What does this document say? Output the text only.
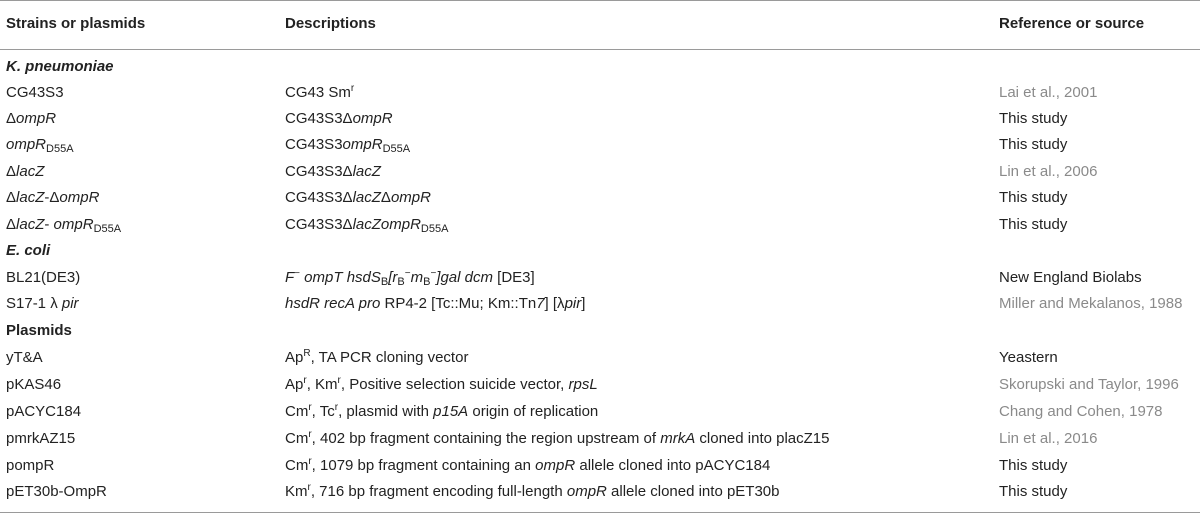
Strains or plasmids	Descriptions	Reference or source
K. pneumoniae
CG43S3	CG43 Sm$^r$	Lai et al., 2001
ΔompR	CG43S3ΔompR	This study
ompR$_{D55A}$	CG43S3ompR$_{D55A}$	This study
ΔlacZ	CG43S3ΔlacZ	Lin et al., 2006
ΔlacZ-ΔompR	CG43S3ΔlacZΔompR	This study
ΔlacZ- ompR$_{D55A}$	CG43S3ΔlacZompR$_{D55A}$	This study
E. coli
BL21(DE3)	F− ompT $hsdS_B[r_B^-m_B^-]gal$ dcm [DE3]	New England Biolabs
S17-1 λ pir	hsdR recA pro RP4-2 [Tc::Mu; Km::Tn7] [λpir]	Miller and Mekalanos, 1988
Plasmids
yT&A	$Ap^R$, TA PCR cloning vector	Yeastern
pKAS46	Ap$^r$, Km$^r$, Positive selection suicide vector, rpsL	Skorupski and Taylor, 1996
pACYC184	Cm$^r$, Tc$^r$, plasmid with p15A origin of replication	Chang and Cohen, 1978
pmrkAZ15	Cm$^r$, 402 bp fragment containing the region upstream of mrkA cloned into placZ15	Lin et al., 2016
pompR	Cm$^r$, 1079 bp fragment containing an ompR allele cloned into pACYC184	This study
pET30b-OmpR	Km$^r$, 716 bp fragment encoding full-length ompR allele cloned into pET30b	This study
